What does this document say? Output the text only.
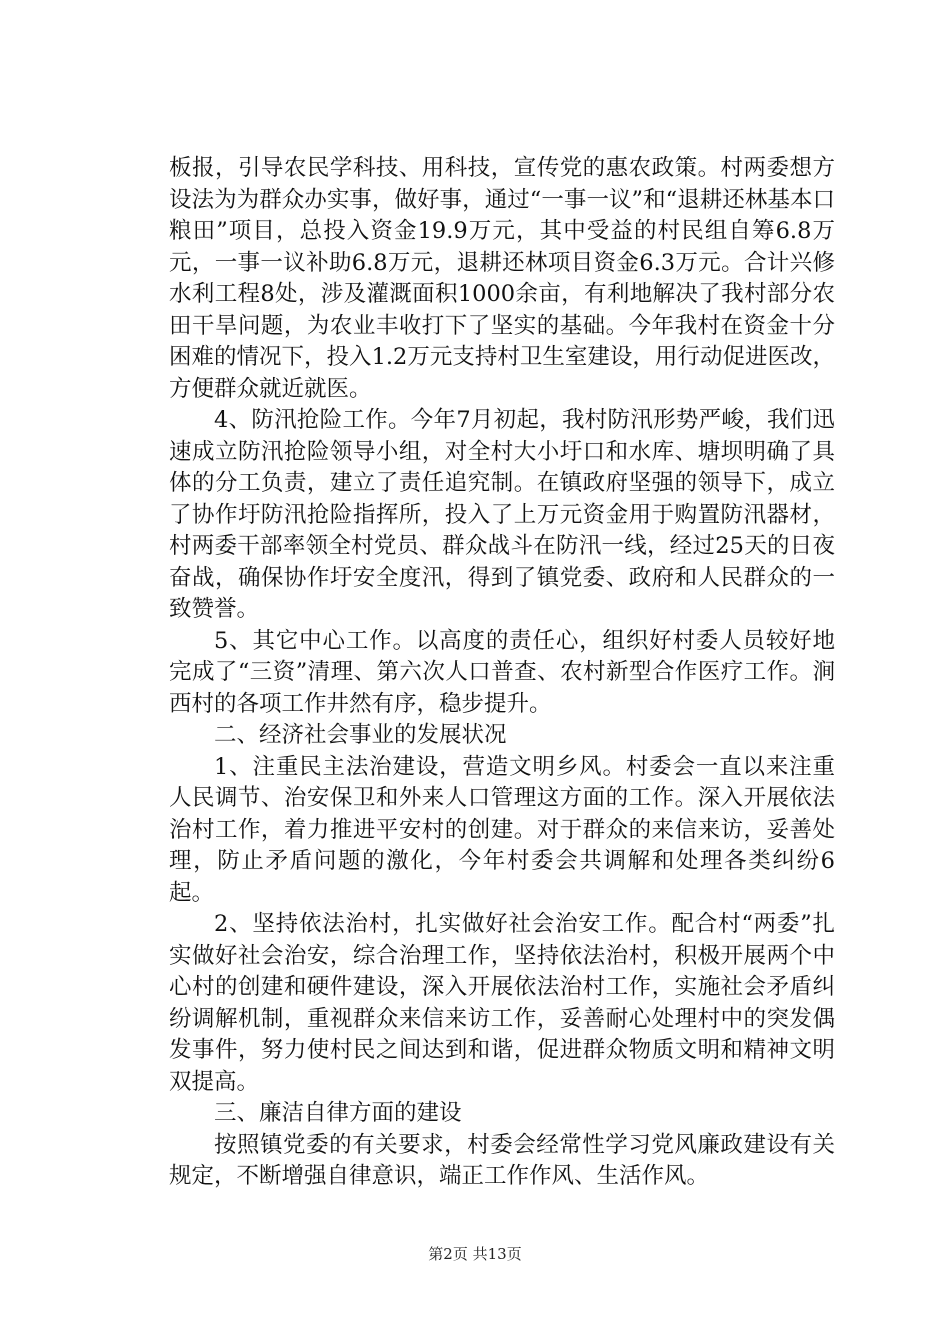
板报，引导农民学科技、用科技，宣传党的惠农政策。村两委想方设法为为群众办实事，做好事，通过“一事一议”和“退耕还林基本口粮田”项目，总投入资金19.9万元，其中受益的村民组自筹6.8万元，一事一议补助6.8万元，退耕还林项目资金6.3万元。合计兴修水利工程8处，涉及灌溉面积1000余亩，有利地解决了我村部分农田干旱问题，为农业丰收打下了坚实的基础。今年我村在资金十分困难的情况下，投入1.2万元支持村卫生室建设，用行动促进医改，方便群众就近就医。

4、防汛抢险工作。今年7月初起，我村防汛形势严峻，我们迅速成立防汛抢险领导小组，对全村大小圩口和水库、塘坝明确了具体的分工负责，建立了责任追究制。在镇政府坚强的领导下，成立了协作圩防汛抢险指挥所，投入了上万元资金用于购置防汛器材，村两委干部率领全村党员、群众战斗在防汛一线，经过25天的日夜奋战，确保协作圩安全度汛，得到了镇党委、政府和人民群众的一致赞誉。

5、其它中心工作。以高度的责任心，组织好村委人员较好地完成了“三资”清理、第六次人口普查、农村新型合作医疗工作。涧西村的各项工作井然有序，稳步提升。

二、经济社会事业的发展状况

1、注重民主法治建设，营造文明乡风。村委会一直以来注重人民调节、治安保卫和外来人口管理这方面的工作。深入开展依法治村工作，着力推进平安村的创建。对于群众的来信来访，妥善处理，防止矛盾问题的激化，今年村委会共调解和处理各类纠纷6起。

2、坚持依法治村，扎实做好社会治安工作。配合村“两委”扎实做好社会治安，综合治理工作，坚持依法治村，积极开展两个中心村的创建和硬件建设，深入开展依法治村工作，实施社会矛盾纠纷调解机制，重视群众来信来访工作，妥善耐心处理村中的突发偶发事件，努力使村民之间达到和谐，促进群众物质文明和精神文明双提高。

三、廉洁自律方面的建设

按照镇党委的有关要求，村委会经常性学习党风廉政建设有关规定，不断增强自律意识，端正工作作风、生活作风。

第2页 共13页
